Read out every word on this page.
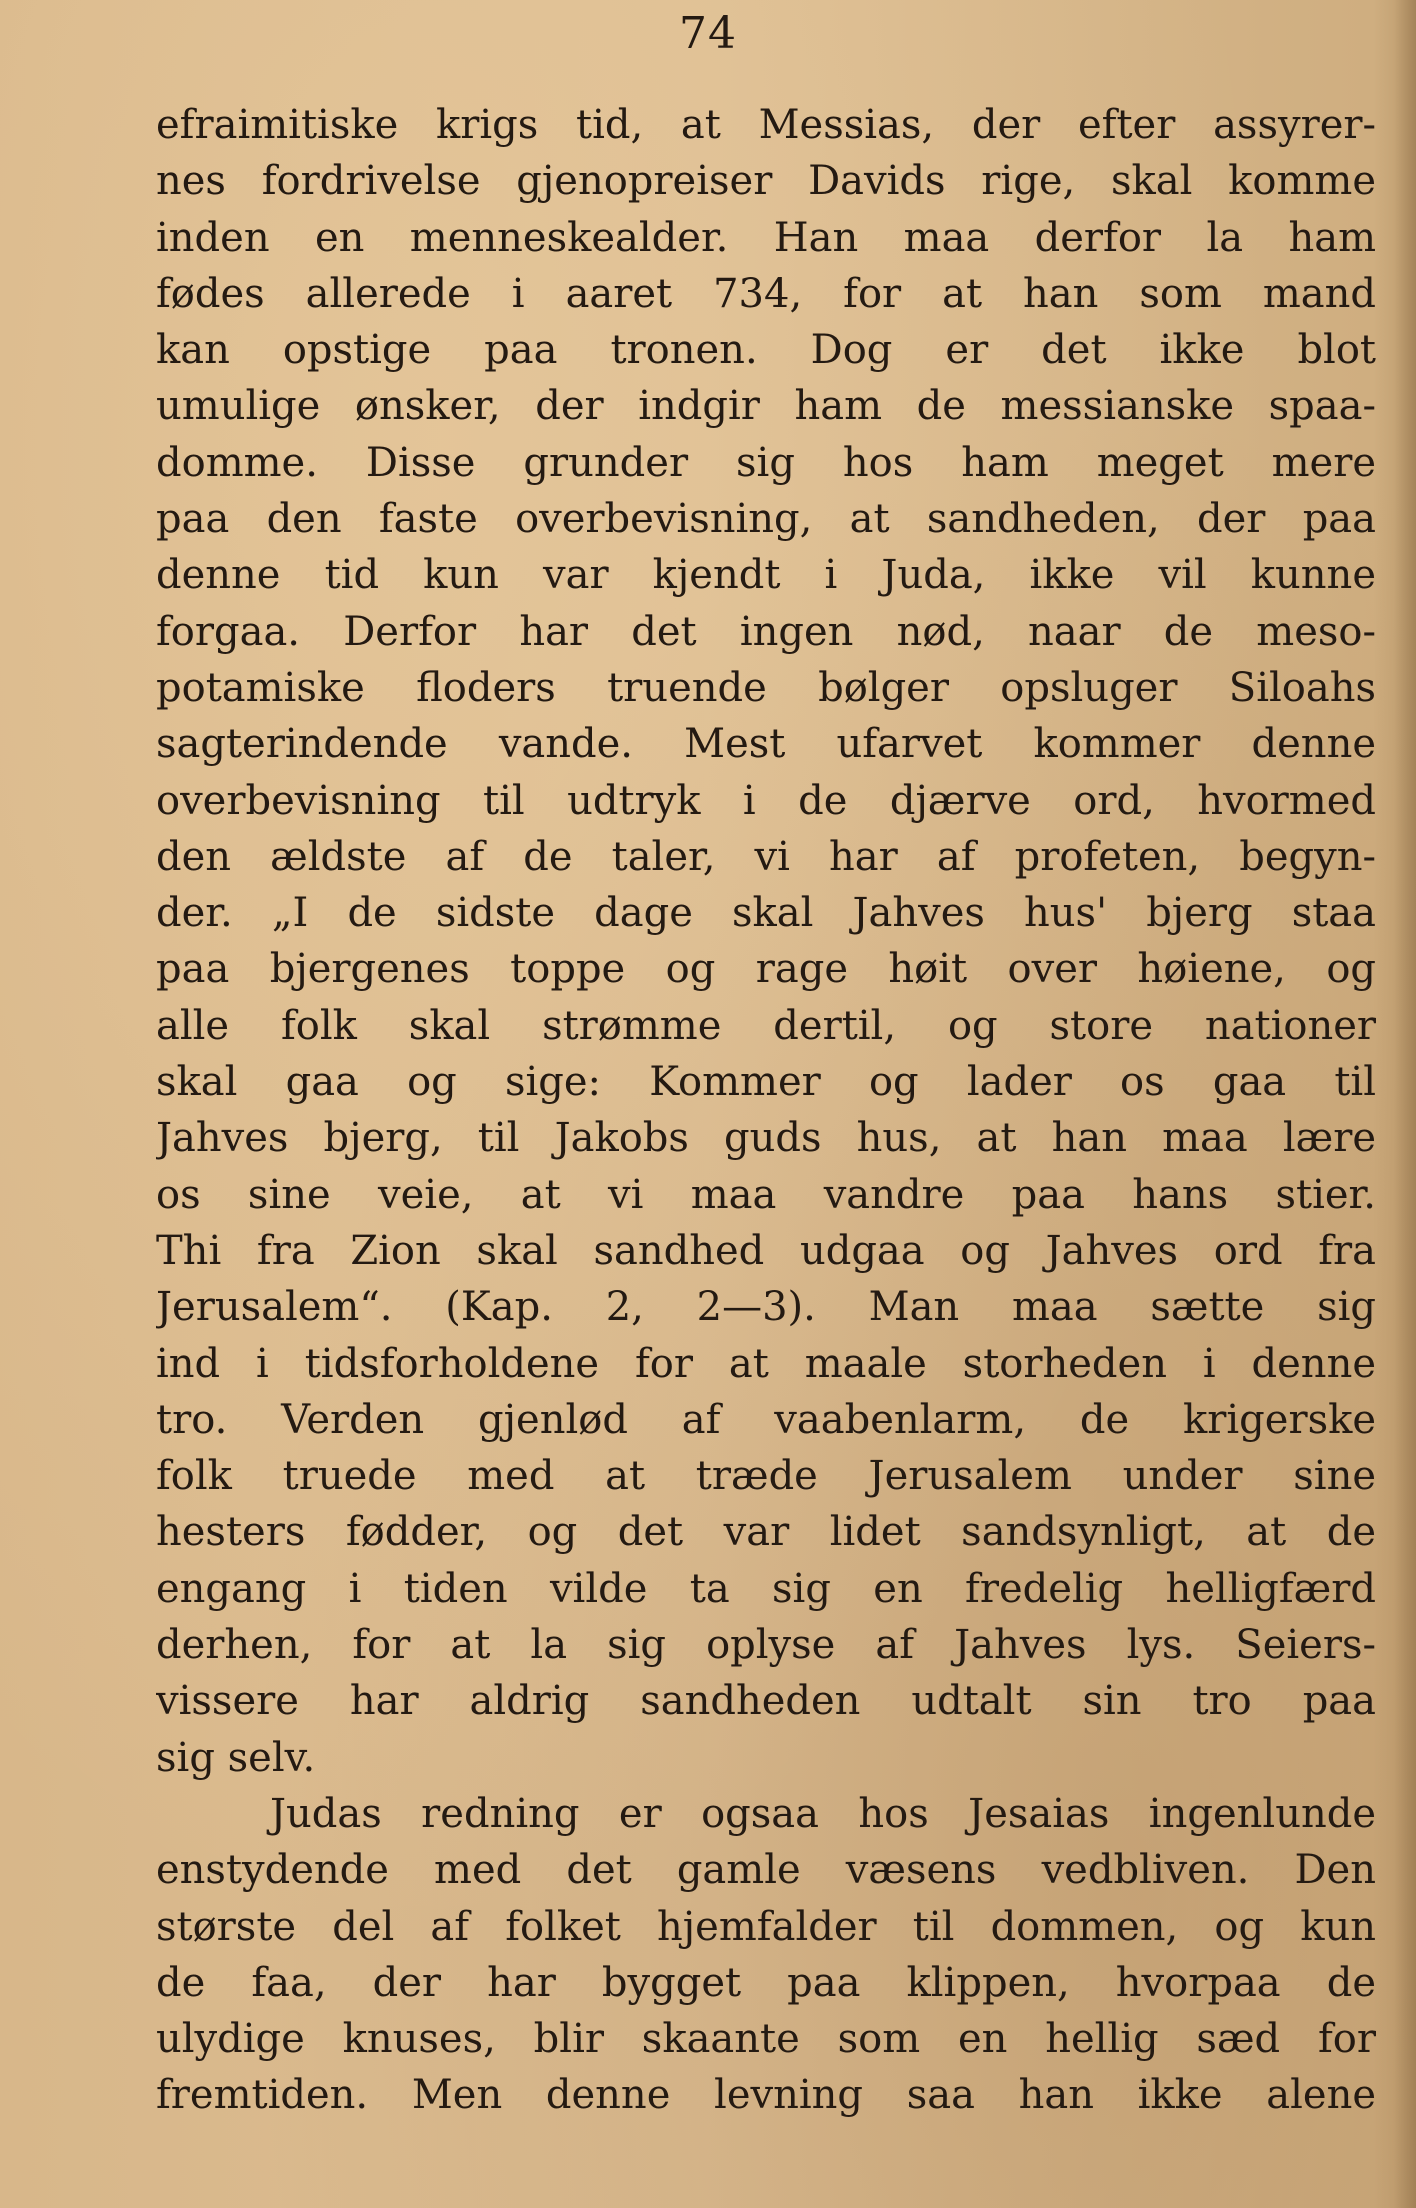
74
efraimitiske krigs tid, at Messias, der efter assyrer-
nes fordrivelse gjenopreiser Davids rige, skal komme
inden en menneskealder. Han maa derfor la ham
fødes allerede i aaret 734, for at han som mand
kan opstige paa tronen. Dog er det ikke blot
umulige ønsker, der indgir ham de messianske spaa-
domme. Disse grunder sig hos ham meget mere
paa den faste overbevisning, at sandheden, der paa
denne tid kun var kjendt i Juda, ikke vil kunne
forgaa. Derfor har det ingen nød, naar de meso-
potamiske floders truende bølger opsluger Siloahs
sagterindende vande. Mest ufarvet kommer denne
overbevisning til udtryk i de djærve ord, hvormed
den ældste af de taler, vi har af profeten, begyn-
der. „I de sidste dage skal Jahves hus' bjerg staa
paa bjergenes toppe og rage høit over høiene, og
alle folk skal strømme dertil, og store nationer
skal gaa og sige: Kommer og lader os gaa til
Jahves bjerg, til Jakobs guds hus, at han maa lære
os sine veie, at vi maa vandre paa hans stier.
Thi fra Zion skal sandhed udgaa og Jahves ord fra
Jerusalem“. (Kap. 2, 2—3). Man maa sætte sig
ind i tidsforholdene for at maale storheden i denne
tro. Verden gjenlød af vaabenlarm, de krigerske
folk truede med at træde Jerusalem under sine
hesters fødder, og det var lidet sandsynligt, at de
engang i tiden vilde ta sig en fredelig helligfærd
derhen, for at la sig oplyse af Jahves lys. Seiers-
vissere har aldrig sandheden udtalt sin tro paa
sig selv.
Judas redning er ogsaa hos Jesaias ingenlunde
enstydende med det gamle væsens vedbliven. Den
største del af folket hjemfalder til dommen, og kun
de faa, der har bygget paa klippen, hvorpaa de
ulydige knuses, blir skaante som en hellig sæd for
fremtiden. Men denne levning saa han ikke alene
